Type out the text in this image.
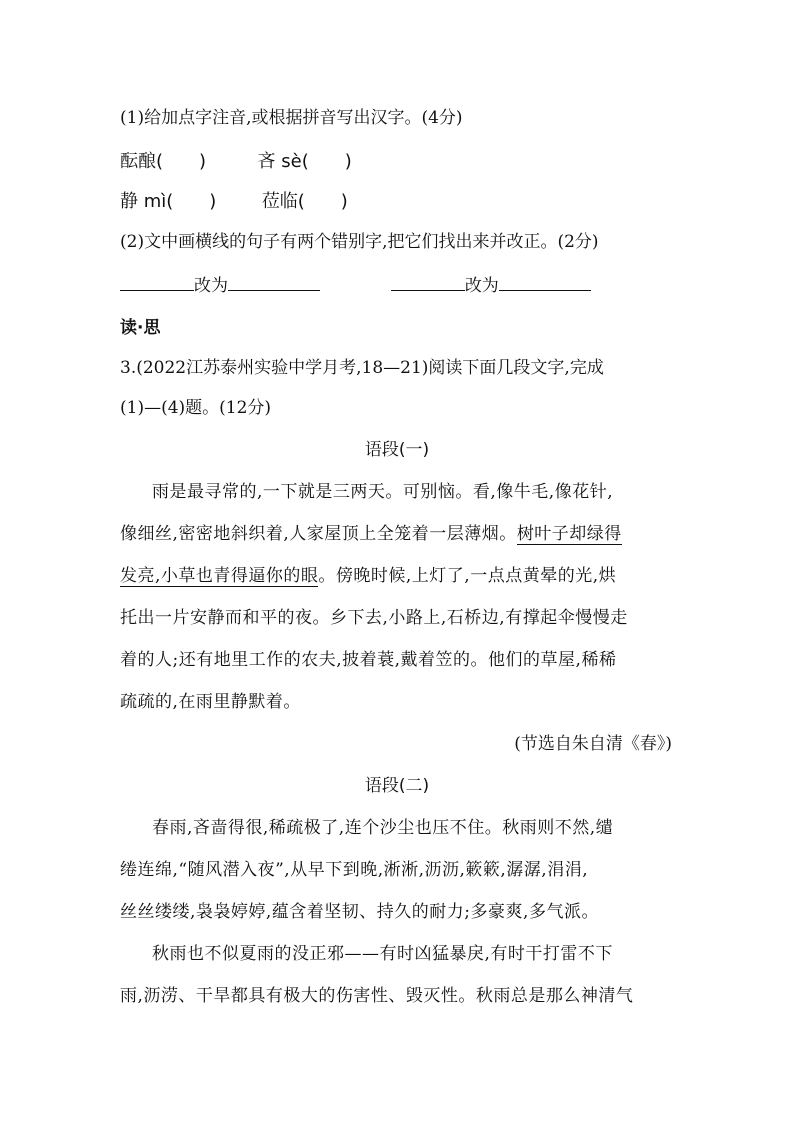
(1)给加点字注音,或根据拼音写出汉字。(4分)
酝酿(　　)	吝 sè(　　)
静 mì(　　)	莅临(　　)
(2)文中画横线的句子有两个错别字,把它们找出来并改正。(2分)
改为	改为
读·思
3.(2022江苏泰州实验中学月考,18—21)阅读下面几段文字,完成
(1)—(4)题。(12分)
语段(一)
雨是最寻常的,一下就是三两天。可别恼。看,像牛毛,像花针,
像细丝,密密地斜织着,人家屋顶上全笼着一层薄烟。树叶子却绿得
发亮,小草也青得逼你的眼。傍晚时候,上灯了,一点点黄晕的光,烘
托出一片安静而和平的夜。乡下去,小路上,石桥边,有撑起伞慢慢走
着的人;还有地里工作的农夫,披着蓑,戴着笠的。他们的草屋,稀稀
疏疏的,在雨里静默着。
(节选自朱自清《春》)
语段(二)
春雨,吝啬得很,稀疏极了,连个沙尘也压不住。秋雨则不然,缱
绻连绵,“随风潜入夜”,从早下到晚,淅淅,沥沥,簌簌,潺潺,涓涓,
丝丝缕缕,袅袅婷婷,蕴含着坚韧、持久的耐力;多豪爽,多气派。
秋雨也不似夏雨的没正邪——有时凶猛暴戾,有时干打雷不下
雨,沥涝、干旱都具有极大的伤害性、毁灭性。秋雨总是那么神清气
